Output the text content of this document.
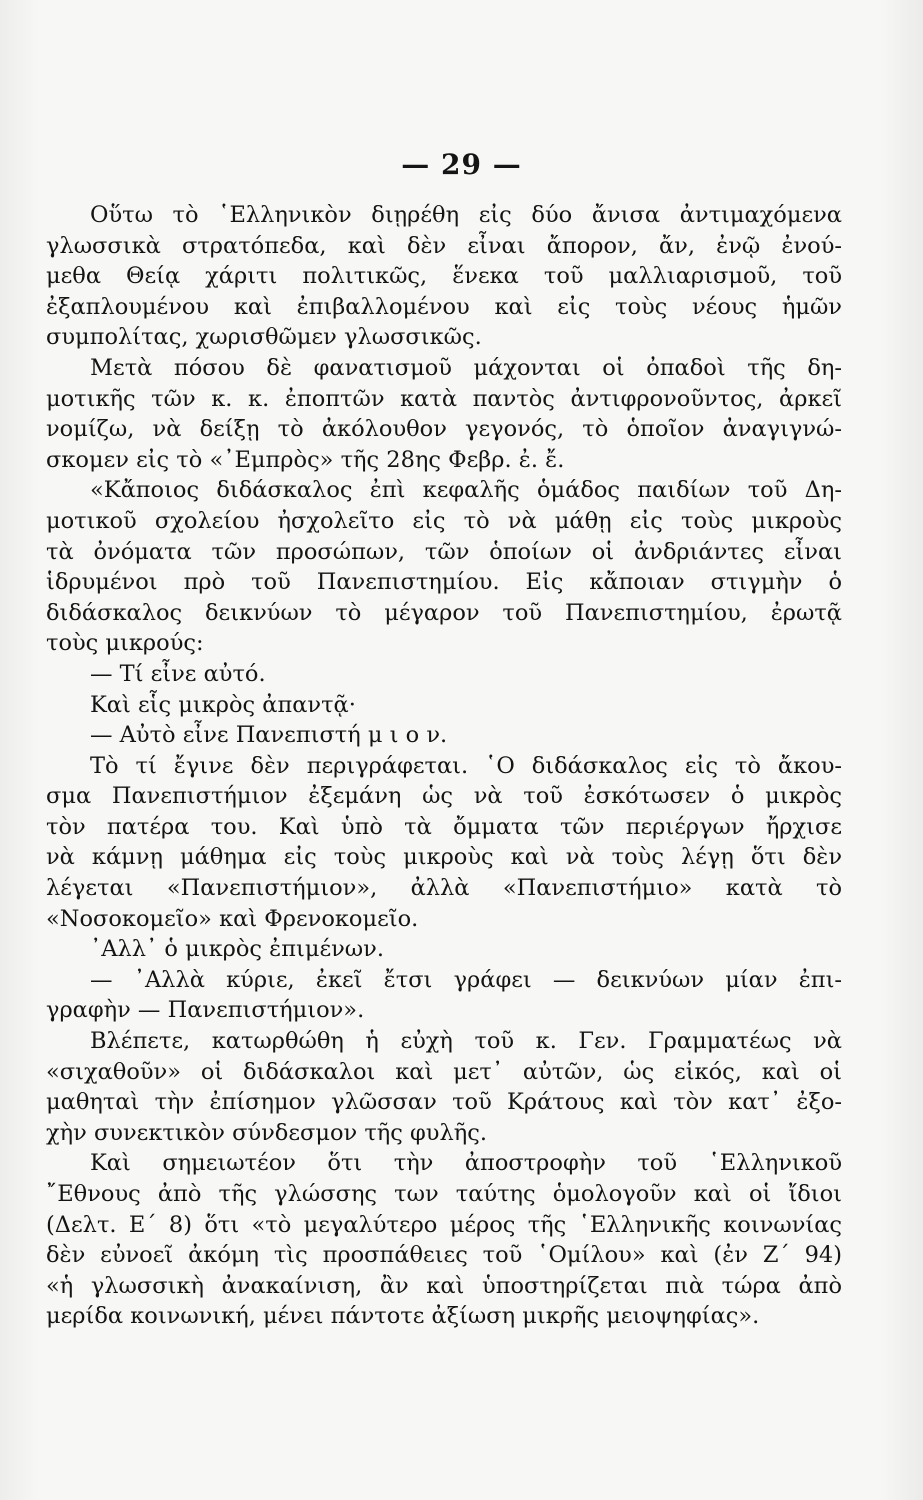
— 29 —
Οὕτω τὸ ῾Ελληνικὸν διῃρέθη εἰς δύο ἄνισα ἀντιμαχόμενα
γλωσσικὰ στρατόπεδα, καὶ δὲν εἶναι ἄπορον, ἄν, ἐνῷ ἐνού-
μεθα Θείᾳ χάριτι πολιτικῶς, ἕνεκα τοῦ μαλλιαρισμοῦ, τοῦ
ἐξαπλουμένου καὶ ἐπιβαλλομένου καὶ εἰς τοὺς νέους ἡμῶν
συμπολίτας, χωρισθῶμεν γλωσσικῶς.
Μετὰ πόσου δὲ φανατισμοῦ μάχονται οἱ ὀπαδοὶ τῆς δη-
μοτικῆς τῶν κ. κ. ἐποπτῶν κατὰ παντὸς ἀντιφρονοῦντος, ἀρκεῖ
νομίζω, νὰ δείξῃ τὸ ἀκόλουθον γεγονός, τὸ ὁποῖον ἀναγιγνώ-
σκομεν εἰς τὸ «᾽Εμπρὸς» τῆς 28ης Φεβρ. ἐ. ἔ.
«Κἄποιος διδάσκαλος ἐπὶ κεφαλῆς ὁμάδος παιδίων τοῦ Δη-
μοτικοῦ σχολείου ἠσχολεῖτο εἰς τὸ νὰ μάθῃ εἰς τοὺς μικροὺς
τὰ ὀνόματα τῶν προσώπων, τῶν ὁποίων οἱ ἀνδριάντες εἶναι
ἱδρυμένοι πρὸ τοῦ Πανεπιστημίου. Εἰς κἄποιαν στιγμὴν ὁ
διδάσκαλος δεικνύων τὸ μέγαρον τοῦ Πανεπιστημίου, ἐρωτᾷ
τοὺς μικρούς:
— Τί εἶνε αὐτό.
Καὶ εἷς μικρὸς ἀπαντᾷ·
— Αὐτὸ εἶνε Πανεπιστή μ ι ο ν.
Τὸ τί ἔγινε δὲν περιγράφεται. ῾Ο διδάσκαλος εἰς τὸ ἄκου-
σμα Πανεπιστήμιον ἐξεμάνη ὡς νὰ τοῦ ἐσκότωσεν ὁ μικρὸς
τὸν πατέρα του. Καὶ ὑπὸ τὰ ὄμματα τῶν περιέργων ἤρχισε
νὰ κάμνῃ μάθημα εἰς τοὺς μικροὺς καὶ νὰ τοὺς λέγῃ ὅτι δὲν
λέγεται «Πανεπιστήμιον», ἀλλὰ «Πανεπιστήμιο» κατὰ τὸ
«Νοσοκομεῖο» καὶ Φρενοκομεῖο.
᾽Αλλ᾽ ὁ μικρὸς ἐπιμένων.
— ᾽Αλλὰ κύριε, ἐκεῖ ἔτσι γράφει — δεικνύων μίαν ἐπι-
γραφὴν — Πανεπιστήμιον».
Βλέπετε, κατωρθώθη ἡ εὐχὴ τοῦ κ. Γεν. Γραμματέως νὰ
«σιχαθοῦν» οἱ διδάσκαλοι καὶ μετ᾽ αὐτῶν, ὡς εἰκός, καὶ οἱ
μαθηταὶ τὴν ἐπίσημον γλῶσσαν τοῦ Κράτους καὶ τὸν κατ᾽ ἐξο-
χὴν συνεκτικὸν σύνδεσμον τῆς φυλῆς.
Καὶ σημειωτέον ὅτι τὴν ἀποστροφὴν τοῦ ῾Ελληνικοῦ
῎Εθνους ἀπὸ τῆς γλώσσης των ταύτης ὁμολογοῦν καὶ οἱ ἴδιοι
(Δελτ. Ε´ 8) ὅτι «τὸ μεγαλύτερο μέρος τῆς ῾Ελληνικῆς κοινωνίας
δὲν εὐνοεῖ ἀκόμη τὶς προσπάθειες τοῦ ῾Ομίλου» καὶ (ἐν Ζ´ 94)
«ἡ γλωσσικὴ ἀνακαίνιση, ἂν καὶ ὑποστηρίζεται πιὰ τώρα ἀπὸ
μερίδα κοινωνική, μένει πάντοτε ἀξίωση μικρῆς μειοψηφίας».
